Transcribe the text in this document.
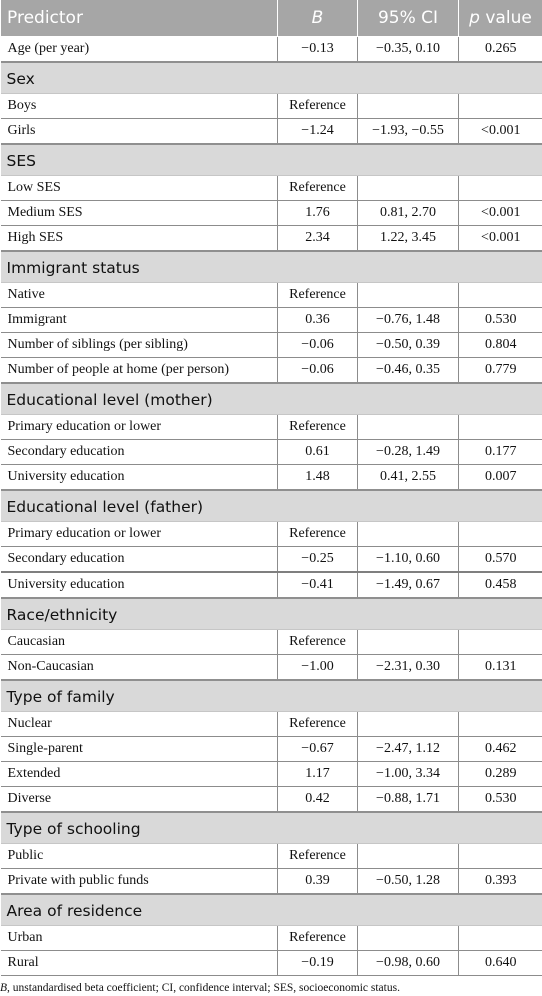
Predictor	B	95% CI	p value
Age (per year)	−0.13	−0.35, 0.10	0.265
Sex			
Boys	Reference		
Girls	−1.24	−1.93, −0.55	<0.001
SES			
Low SES	Reference		
Medium SES	1.76	0.81, 2.70	<0.001
High SES	2.34	1.22, 3.45	<0.001
Immigrant status			
Native	Reference		
Immigrant	0.36	−0.76, 1.48	0.530
Number of siblings (per sibling)	−0.06	−0.50, 0.39	0.804
Number of people at home (per person)	−0.06	−0.46, 0.35	0.779
Educational level (mother)			
Primary education or lower	Reference		
Secondary education	0.61	−0.28, 1.49	0.177
University education	1.48	0.41, 2.55	0.007
Educational level (father)			
Primary education or lower	Reference		
Secondary education	−0.25	−1.10, 0.60	0.570
University education	−0.41	−1.49, 0.67	0.458
Race/ethnicity			
Caucasian	Reference		
Non-Caucasian	−1.00	−2.31, 0.30	0.131
Type of family			
Nuclear	Reference		
Single-parent	−0.67	−2.47, 1.12	0.462
Extended	1.17	−1.00, 3.34	0.289
Diverse	0.42	−0.88, 1.71	0.530
Type of schooling			
Public	Reference		
Private with public funds	0.39	−0.50, 1.28	0.393
Area of residence			
Urban	Reference		
Rural	−0.19	−0.98, 0.60	0.640
B, unstandardised beta coefficient; CI, confidence interval; SES, socioeconomic status.
